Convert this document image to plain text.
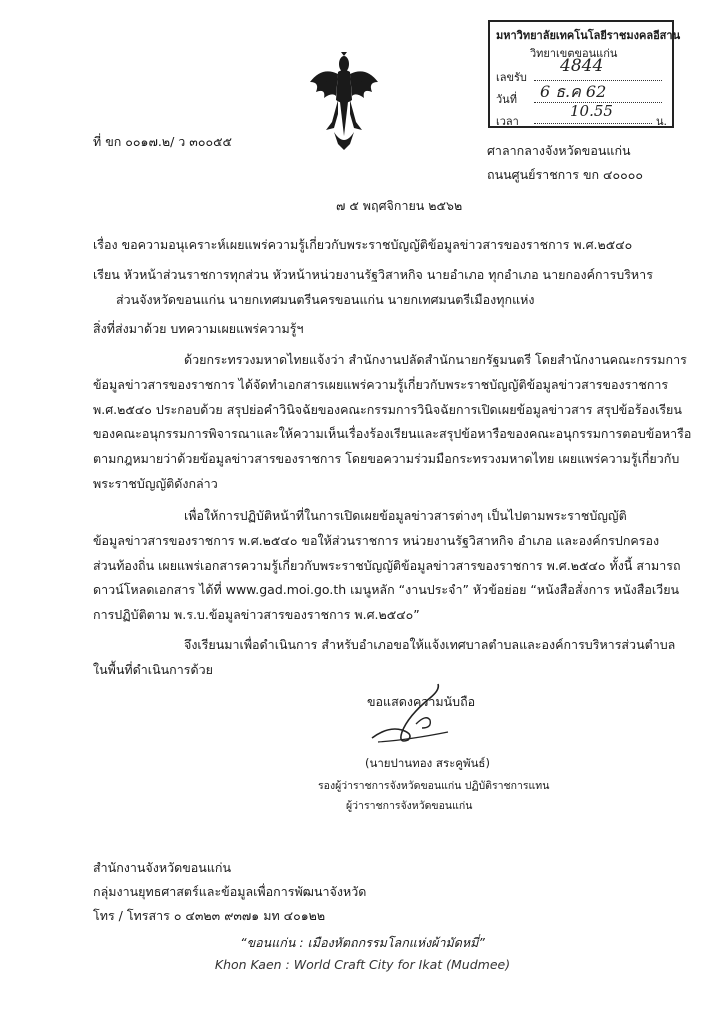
มหาวิทยาลัยเทคโนโลยีราชมงคลอีสาน
วิทยาเขตขอนแก่น
เลขรับ
4844
วันที่ 6 ธ.ค 62
เวลา
10.55
น.
ที่ ขก ๐๐๑๗.๒/ ว ๓๐๐๕๕
ศาลากลางจังหวัดขอนแก่น
ถนนศูนย์ราชการ ขก ๔๐๐๐๐
๗ ๕ พฤศจิกายน ๒๕๖๒
เรื่อง ขอความอนุเคราะห์เผยแพร่ความรู้เกี่ยวกับพระราชบัญญัติข้อมูลข่าวสารของราชการ พ.ศ.๒๕๔๐
เรียน หัวหน้าส่วนราชการทุกส่วน หัวหน้าหน่วยงานรัฐวิสาหกิจ นายอำเภอ ทุกอำเภอ นายกองค์การบริหาร
ส่วนจังหวัดขอนแก่น นายกเทศมนตรีนครขอนแก่น นายกเทศมนตรีเมืองทุกแห่ง
สิ่งที่ส่งมาด้วย บทความเผยแพร่ความรู้ฯ
ด้วยกระทรวงมหาดไทยแจ้งว่า สำนักงานปลัดสำนักนายกรัฐมนตรี โดยสำนักงานคณะกรรมการ
ข้อมูลข่าวสารของราชการ ได้จัดทำเอกสารเผยแพร่ความรู้เกี่ยวกับพระราชบัญญัติข้อมูลข่าวสารของราชการ
พ.ศ.๒๕๔๐ ประกอบด้วย สรุปย่อคำวินิจฉัยของคณะกรรมการวินิจฉัยการเปิดเผยข้อมูลข่าวสาร สรุปข้อร้องเรียน
ของคณะอนุกรรมการพิจารณาและให้ความเห็นเรื่องร้องเรียนและสรุปข้อหารือของคณะอนุกรรมการตอบข้อหารือ
ตามกฎหมายว่าด้วยข้อมูลข่าวสารของราชการ โดยขอความร่วมมือกระทรวงมหาดไทย เผยแพร่ความรู้เกี่ยวกับ
พระราชบัญญัติดังกล่าว
เพื่อให้การปฏิบัติหน้าที่ในการเปิดเผยข้อมูลข่าวสารต่างๆ เป็นไปตามพระราชบัญญัติ
ข้อมูลข่าวสารของราชการ พ.ศ.๒๕๔๐ ขอให้ส่วนราชการ หน่วยงานรัฐวิสาหกิจ อำเภอ และองค์กรปกครอง
ส่วนท้องถิ่น เผยแพร่เอกสารความรู้เกี่ยวกับพระราชบัญญัติข้อมูลข่าวสารของราชการ พ.ศ.๒๕๔๐ ทั้งนี้ สามารถ
ดาวน์โหลดเอกสาร ได้ที่ www.gad.moi.go.th เมนูหลัก “งานประจำ” หัวข้อย่อย “หนังสือสั่งการ หนังสือเวียน
การปฏิบัติตาม พ.ร.บ.ข้อมูลข่าวสารของราชการ พ.ศ.๒๕๔๐”
จึงเรียนมาเพื่อดำเนินการ สำหรับอำเภอขอให้แจ้งเทศบาลตำบลและองค์การบริหารส่วนตำบล
ในพื้นที่ดำเนินการด้วย
ขอแสดงความนับถือ
(นายปานทอง สระคูพันธ์)
รองผู้ว่าราชการจังหวัดขอนแก่น ปฏิบัติราชการแทน
ผู้ว่าราชการจังหวัดขอนแก่น
สำนักงานจังหวัดขอนแก่น
กลุ่มงานยุทธศาสตร์และข้อมูลเพื่อการพัฒนาจังหวัด
โทร / โทรสาร ๐ ๔๓๒๓ ๙๓๗๑ มท ๔๐๑๒๒
“ขอนแก่น : เมืองหัตถกรรมโลกแห่งผ้ามัดหมี่”
Khon Kaen : World Craft City for Ikat (Mudmee)
